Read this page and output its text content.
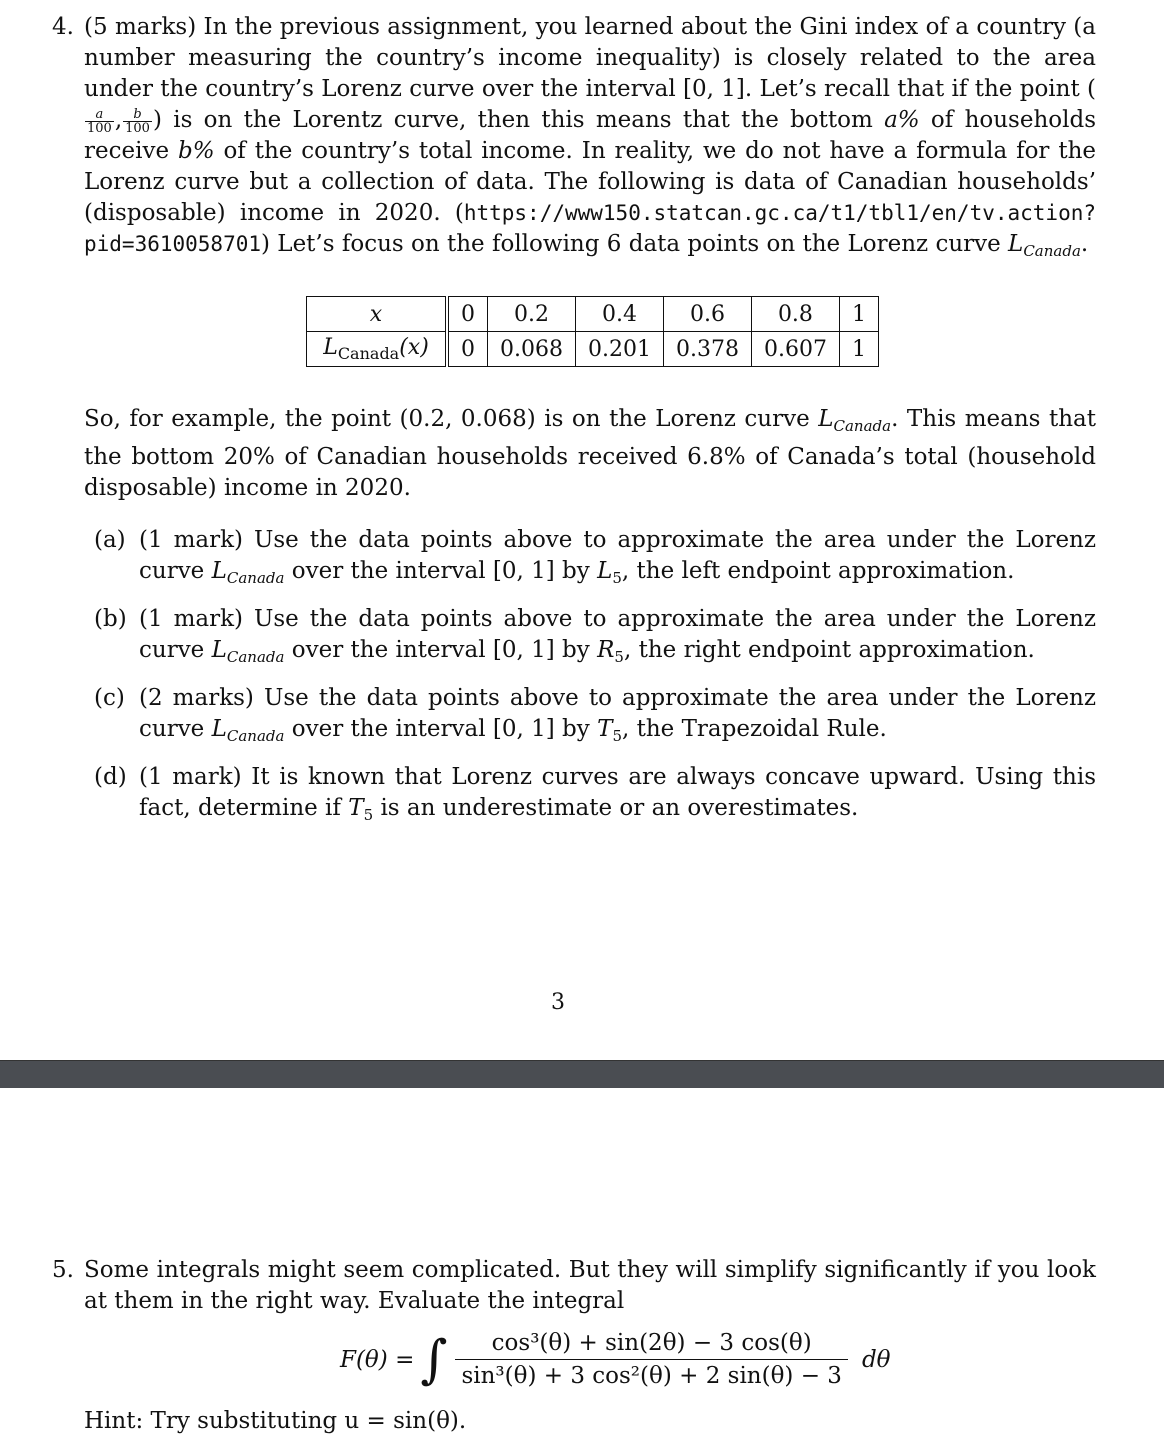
4. (5 marks) In the previous assignment, you learned about the Gini index of a country (a number measuring the country’s income inequality) is closely related to the area under the country’s Lorenz curve over the interval [0, 1]. Let’s recall that if the point (
$\frac{a}{100}$ , $\frac{b}{100}$ ) is on the Lorentz curve, then this means that the bottom a% of households receive b% of the country’s total income. In reality, we do not have a formula for the Lorenz curve but a collection of data. The following is data of Canadian households’ (disposable) income in 2020. (https://www150.statcan.gc.ca/t1/tbl1/en/tv.action?pid=3610058701) Let’s focus on the following 6 data points on the Lorenz curve $L_{Canada}$.
x	0	0.2	0.4	0.6	0.8	1
$L_{Canada}(x)$	0	0.068	0.201	0.378	0.607	1
So, for example, the point (0.2, 0.068) is on the Lorenz curve $L_{Canada}$. This means that the bottom 20% of Canadian households received 6.8% of Canada’s total (household disposable) income in 2020.
(a) (1 mark) Use the data points above to approximate the area under the Lorenz curve $L_{Canada}$ over the interval [0, 1] by $L_5$, the left endpoint approximation.
(b) (1 mark) Use the data points above to approximate the area under the Lorenz curve $L_{Canada}$ over the interval [0, 1] by $R_5$, the right endpoint approximation.
(c) (2 marks) Use the data points above to approximate the area under the Lorenz curve $L_{Canada}$ over the interval [0, 1] by $T_5$, the Trapezoidal Rule.
(d) (1 mark) It is known that Lorenz curves are always concave upward. Using this fact, determine if $T_5$ is an underestimate or an overestimates.
3
5. Some integrals might seem complicated. But they will simplify significantly if you look at them in the right way. Evaluate the integral
F(θ) = ∫ $\frac{\text{cos³(θ) + sin(2θ) − 3 cos(θ)}}{\text{sin³(θ) + 3 cos²(θ) + 2 sin(θ) − 3}}$ dθ
Hint: Try substituting u = sin(θ).
